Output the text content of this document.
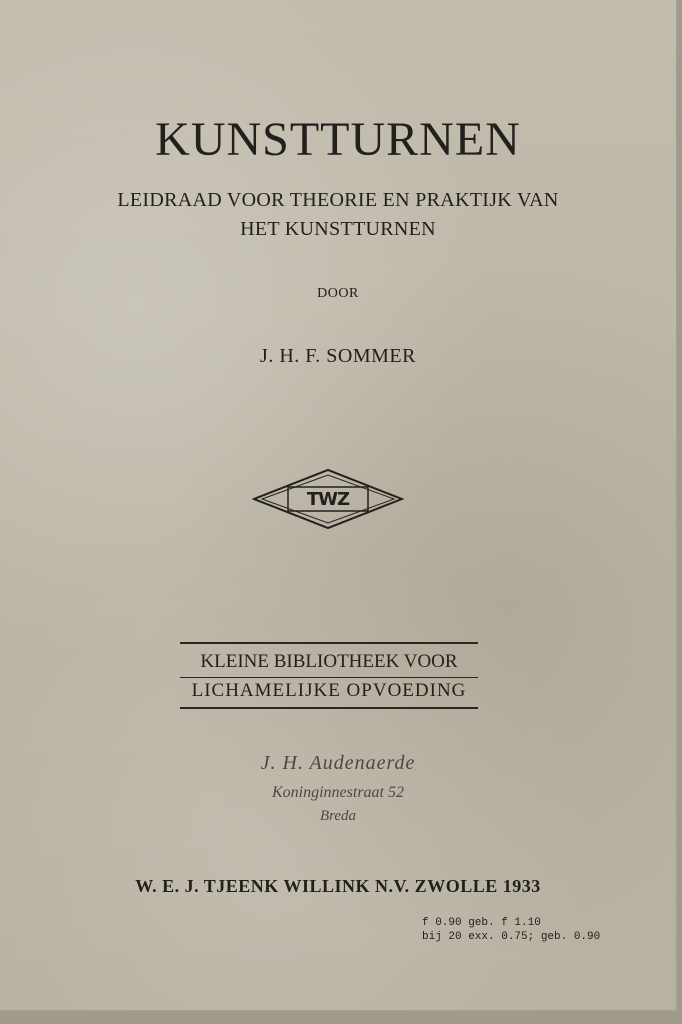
KUNSTTURNEN
LEIDRAAD VOOR THEORIE EN PRAKTIJK VAN
HET KUNSTTURNEN
DOOR
J. H. F. SOMMER
TWZ
KLEINE BIBLIOTHEEK VOOR
LICHAMELIJKE OPVOEDING
J. H. Audenaerde
Koninginnestraat 52
Breda
W. E. J. TJEENK WILLINK N.V. ZWOLLE 1933
f 0.90 geb. f 1.10
bij 20 exx. 0.75; geb. 0.90
